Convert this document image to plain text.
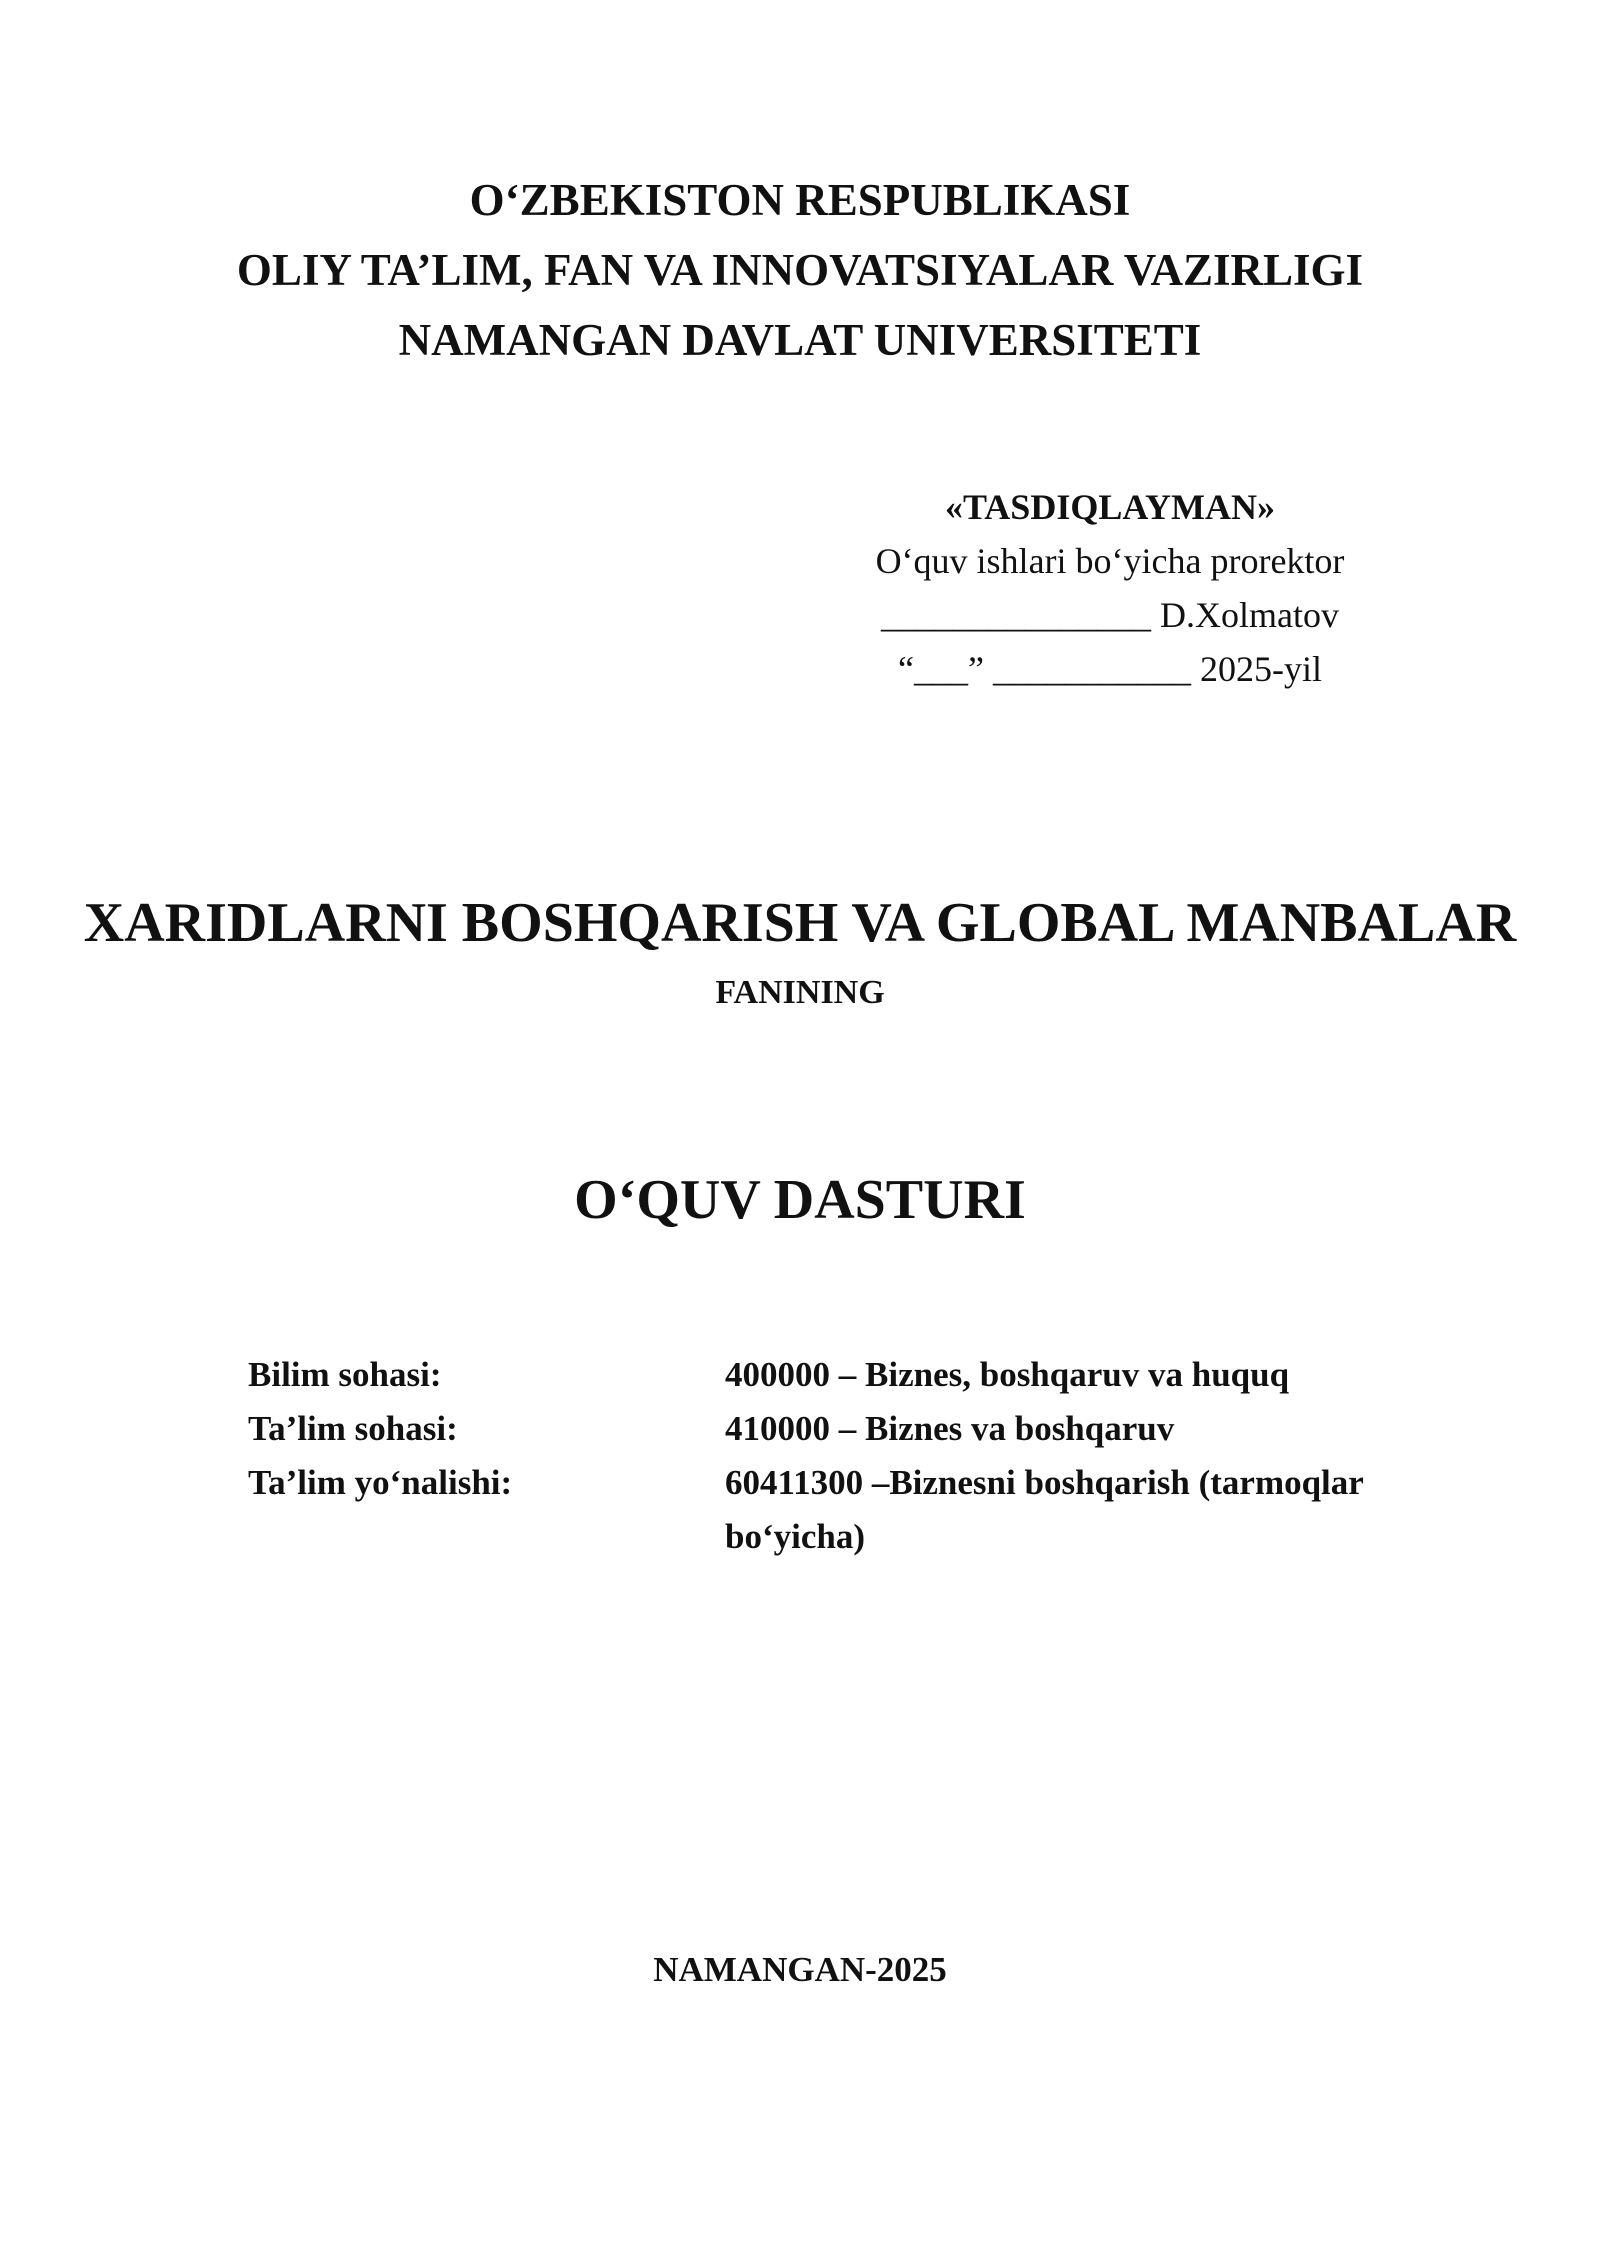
O‘ZBEKISTON RESPUBLIKASI
OLIY TA’LIM, FAN VA INNOVATSIYALAR VAZIRLIGI
NAMANGAN DAVLAT UNIVERSITETI
«TASDIQLAYMAN»
O‘quv ishlari bo‘yicha prorektor
_______________ D.Xolmatov
“___” ___________ 2025-yil
XARIDLARNI BOSHQARISH VA GLOBAL MANBALAR
FANINING
O‘QUV DASTURI
Bilim sohasi:	400000 – Biznes, boshqaruv va huquq
Ta’lim sohasi:	410000 – Biznes va boshqaruv
Ta’lim yo‘nalishi:	60411300 –Biznesni boshqarish (tarmoqlar bo‘yicha)
NAMANGAN-2025
